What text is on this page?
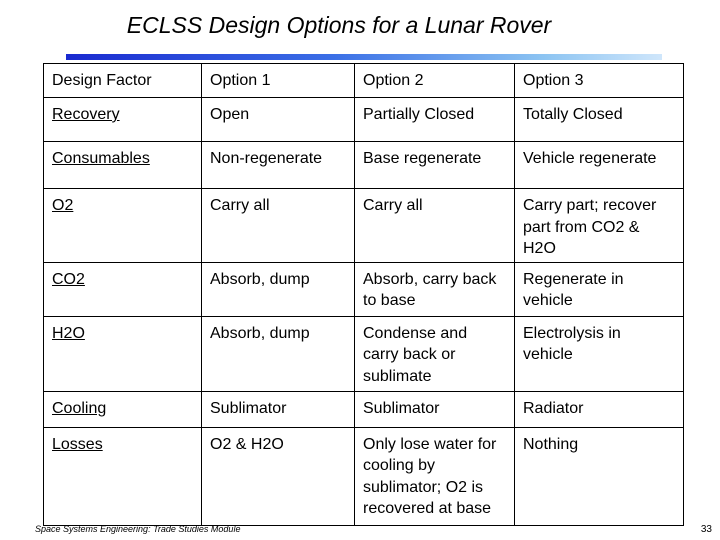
ECLSS Design Options for a Lunar Rover
Design Factor	Option 1	Option 2	Option 3
Recovery	Open	Partially Closed	Totally Closed
Consumables	Non-regenerate	Base regenerate	Vehicle regenerate
O2	Carry all	Carry all	Carry part; recover part from CO2 & H2O
CO2	Absorb, dump	Absorb, carry back to base	Regenerate in vehicle
H2O	Absorb, dump	Condense and carry back or sublimate	Electrolysis in vehicle
Cooling	Sublimator	Sublimator	Radiator
Losses	O2 & H2O	Only lose water for cooling by sublimator; O2 is recovered at base	Nothing
Space Systems Engineering: Trade Studies Module	33
